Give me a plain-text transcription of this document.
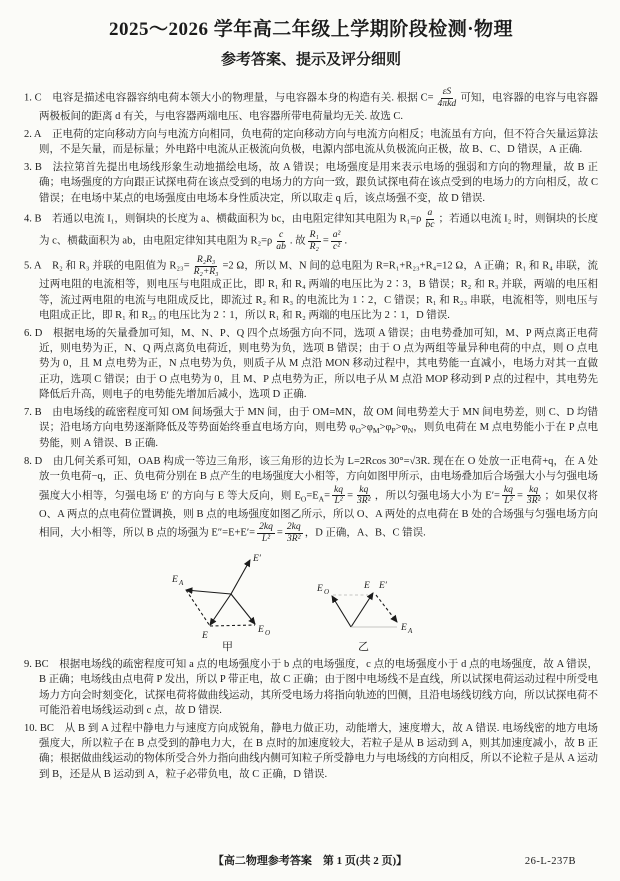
2025～2026 学年高二年级上学期阶段检测·物理
参考答案、提示及评分细则
1. C  电容是描述电容器容纳电荷本领大小的物理量，与电容器本身的构造有关. 根据 $C= \frac{\varepsilon S}{\text{4πkd}}$ 可知，电容器的电容与电容器两极板间的距离 d 有关，与电容器两端电压、电容器所带电荷量均无关. 故选 C.
2. A  正电荷的定向移动方向与电流方向相同，负电荷的定向移动方向与电流方向相反；电流虽有方向，但不符合矢量运算法则，不是矢量，而是标量；外电路中电流从正极流向负极，电源内部电流从负极流向正极，故 B、C、D 错误，A 正确.
3. B  法拉第首先提出电场线形象生动地描绘电场，故 A 错误；电场强度是用来表示电场的强弱和方向的物理量，故 B 正确；电场强度的方向跟正试探电荷在该点受到的电场力的方向一致，跟负试探电荷在该点受到的电场力的方向相反，故 C 错误；在电场中某点的电场强度由电场本身性质决定，所以取走 q 后，该点场强不变，故 D 错误.
4. B  若通以电流 I₁，则铜块的长度为 a、横截面积为 bc，由电阻定律知其电阻为 $R_1=\rho \frac{a}{bc}$ ；若通以电流 I₂ 时，则铜块的长度为 c、横截面积为 ab，由电阻定律知其电阻为 $R_2=\rho \frac{c}{ab}$ . 故 $\frac{\text{R₁}}{\text{R₂}} = \frac{\text{a²}}{\text{c²}}$ .
5. A  R₂ 和 R₃ 并联的电阻值为 $R_{23}= \frac{\text{R₂R₃}}{\text{R₂+R₃}} =2$ Ω，所以 M、N 间的总电阻为 R=R₁+R₂₃+R₄=12 Ω，A 正确；R₁ 和 R₄ 串联，流过两电阻的电流相等，则电压与电阻成正比，即 R₁ 和 R₄ 两端的电压比为 2∶3，B 错误；R₂ 和 R₃ 并联，两端的电压相等，流过两电阻的电流与电阻成反比，即流过 R₂ 和 R₃ 的电流比为 1∶2，C 错误；R₁ 和 R₂₃ 串联，电流相等，则电压与电阻成正比，即 R₁ 和 R₂₃ 的电压比为 2∶1，所以 R₁ 和 R₂ 两端的电压比为 2∶1，D 错误.
6. D  根据电场的矢量叠加可知，M、N、P、Q 四个点场强方向不同，选项 A 错误；由电势叠加可知，M、P 两点离正电荷近，则电势为正，N、Q 两点离负电荷近，则电势为负，选项 B 错误；由于 O 点为两组等量异种电荷的中点，则 O 点电势为 0，且 M 点电势为正，N 点电势为负，则质子从 M 点沿 MON 移动过程中，其电势能一直减小，电场力对其一直做正功，选项 C 错误；由于 O 点电势为 0，且 M、P 点电势为正，所以电子从 M 点沿 MOP 移动到 P 点的过程中，其电势先降低后升高，则电子的电势能先增加后减小，选项 D 正确.
7. B  由电场线的疏密程度可知 OM 间场强大于 MN 间，由于 OM=MN，故 OM 间电势差大于 MN 间电势差，则 C、D 均错误；沿电场方向电势逐渐降低及等势面始终垂直电场方向，则电势 $\varphi_O>\varphi_M>\varphi_P>\varphi_N$，则负电荷在 M 点电势能小于在 P 点电势能，则 A 错误、B 正确.
8. D  由几何关系可知，OAB 构成一等边三角形，该三角形的边长为 L=2Rcos 30°=√3R. 现在在 O 处放一正电荷+q，在 A 处放一负电荷−q，正、负电荷分别在 B 点产生的电场强度大小相等，方向如图甲所示，由电场叠加后合场强大小与匀强电场强度大小相等，匀强电场 E′ 的方向与 E 等大反向，则 $E_O=E_A= \frac{kq}{\text{L²}} = \frac{kq}{\text{3R²}}$ ，所以匀强电场大小为 $E'= \frac{kq}{\text{L²}} = \frac{kq}{\text{3R²}}$ ；如果仅将 O、A 两点的点电荷位置调换，则 B 点的电场强度如图乙所示，所以 O、A 两处的点电荷在 B 处的合场强与匀强电场方向相同，大小相等，所以 B 点的场强为 $E''=E+E'= \frac{2kq}{\text{L²}} = \frac{2kq}{\text{3R²}}$ ，D 正确，A、B、C 错误.
E′
E A
E O
E
甲
E O
E E′
E A
乙
9. BC  根据电场线的疏密程度可知 a 点的电场强度小于 b 点的电场强度，c 点的电场强度小于 d 点的电场强度，故 A 错误，B 正确；电场线由点电荷 P 发出，所以 P 带正电，故 C 正确；由于图中电场线不是直线，所以试探电荷运动过程中所受电场力方向会时刻变化，试探电荷将做曲线运动，其所受电场力将指向轨迹的凹侧，且沿电场线切线方向，所以试探电荷不可能沿着电场线运动到 c 点，故 D 错误.
10. BC  从 B 到 A 过程中静电力与速度方向成锐角，静电力做正功，动能增大，速度增大，故 A 错误. 电场线密的地方电场强度大，所以粒子在 B 点受到的静电力大，在 B 点时的加速度较大，若粒子是从 B 运动到 A，则其加速度减小，故 B 正确；根据做曲线运动的物体所受合外力指向曲线内侧可知粒子所受静电力与电场线的方向相反，所以不论粒子是从 A 运动到 B，还是从 B 运动到 A，粒子必带负电，故 C 正确，D 错误.
【高二物理参考答案　第 1 页(共 2 页)】	26-L-237B
